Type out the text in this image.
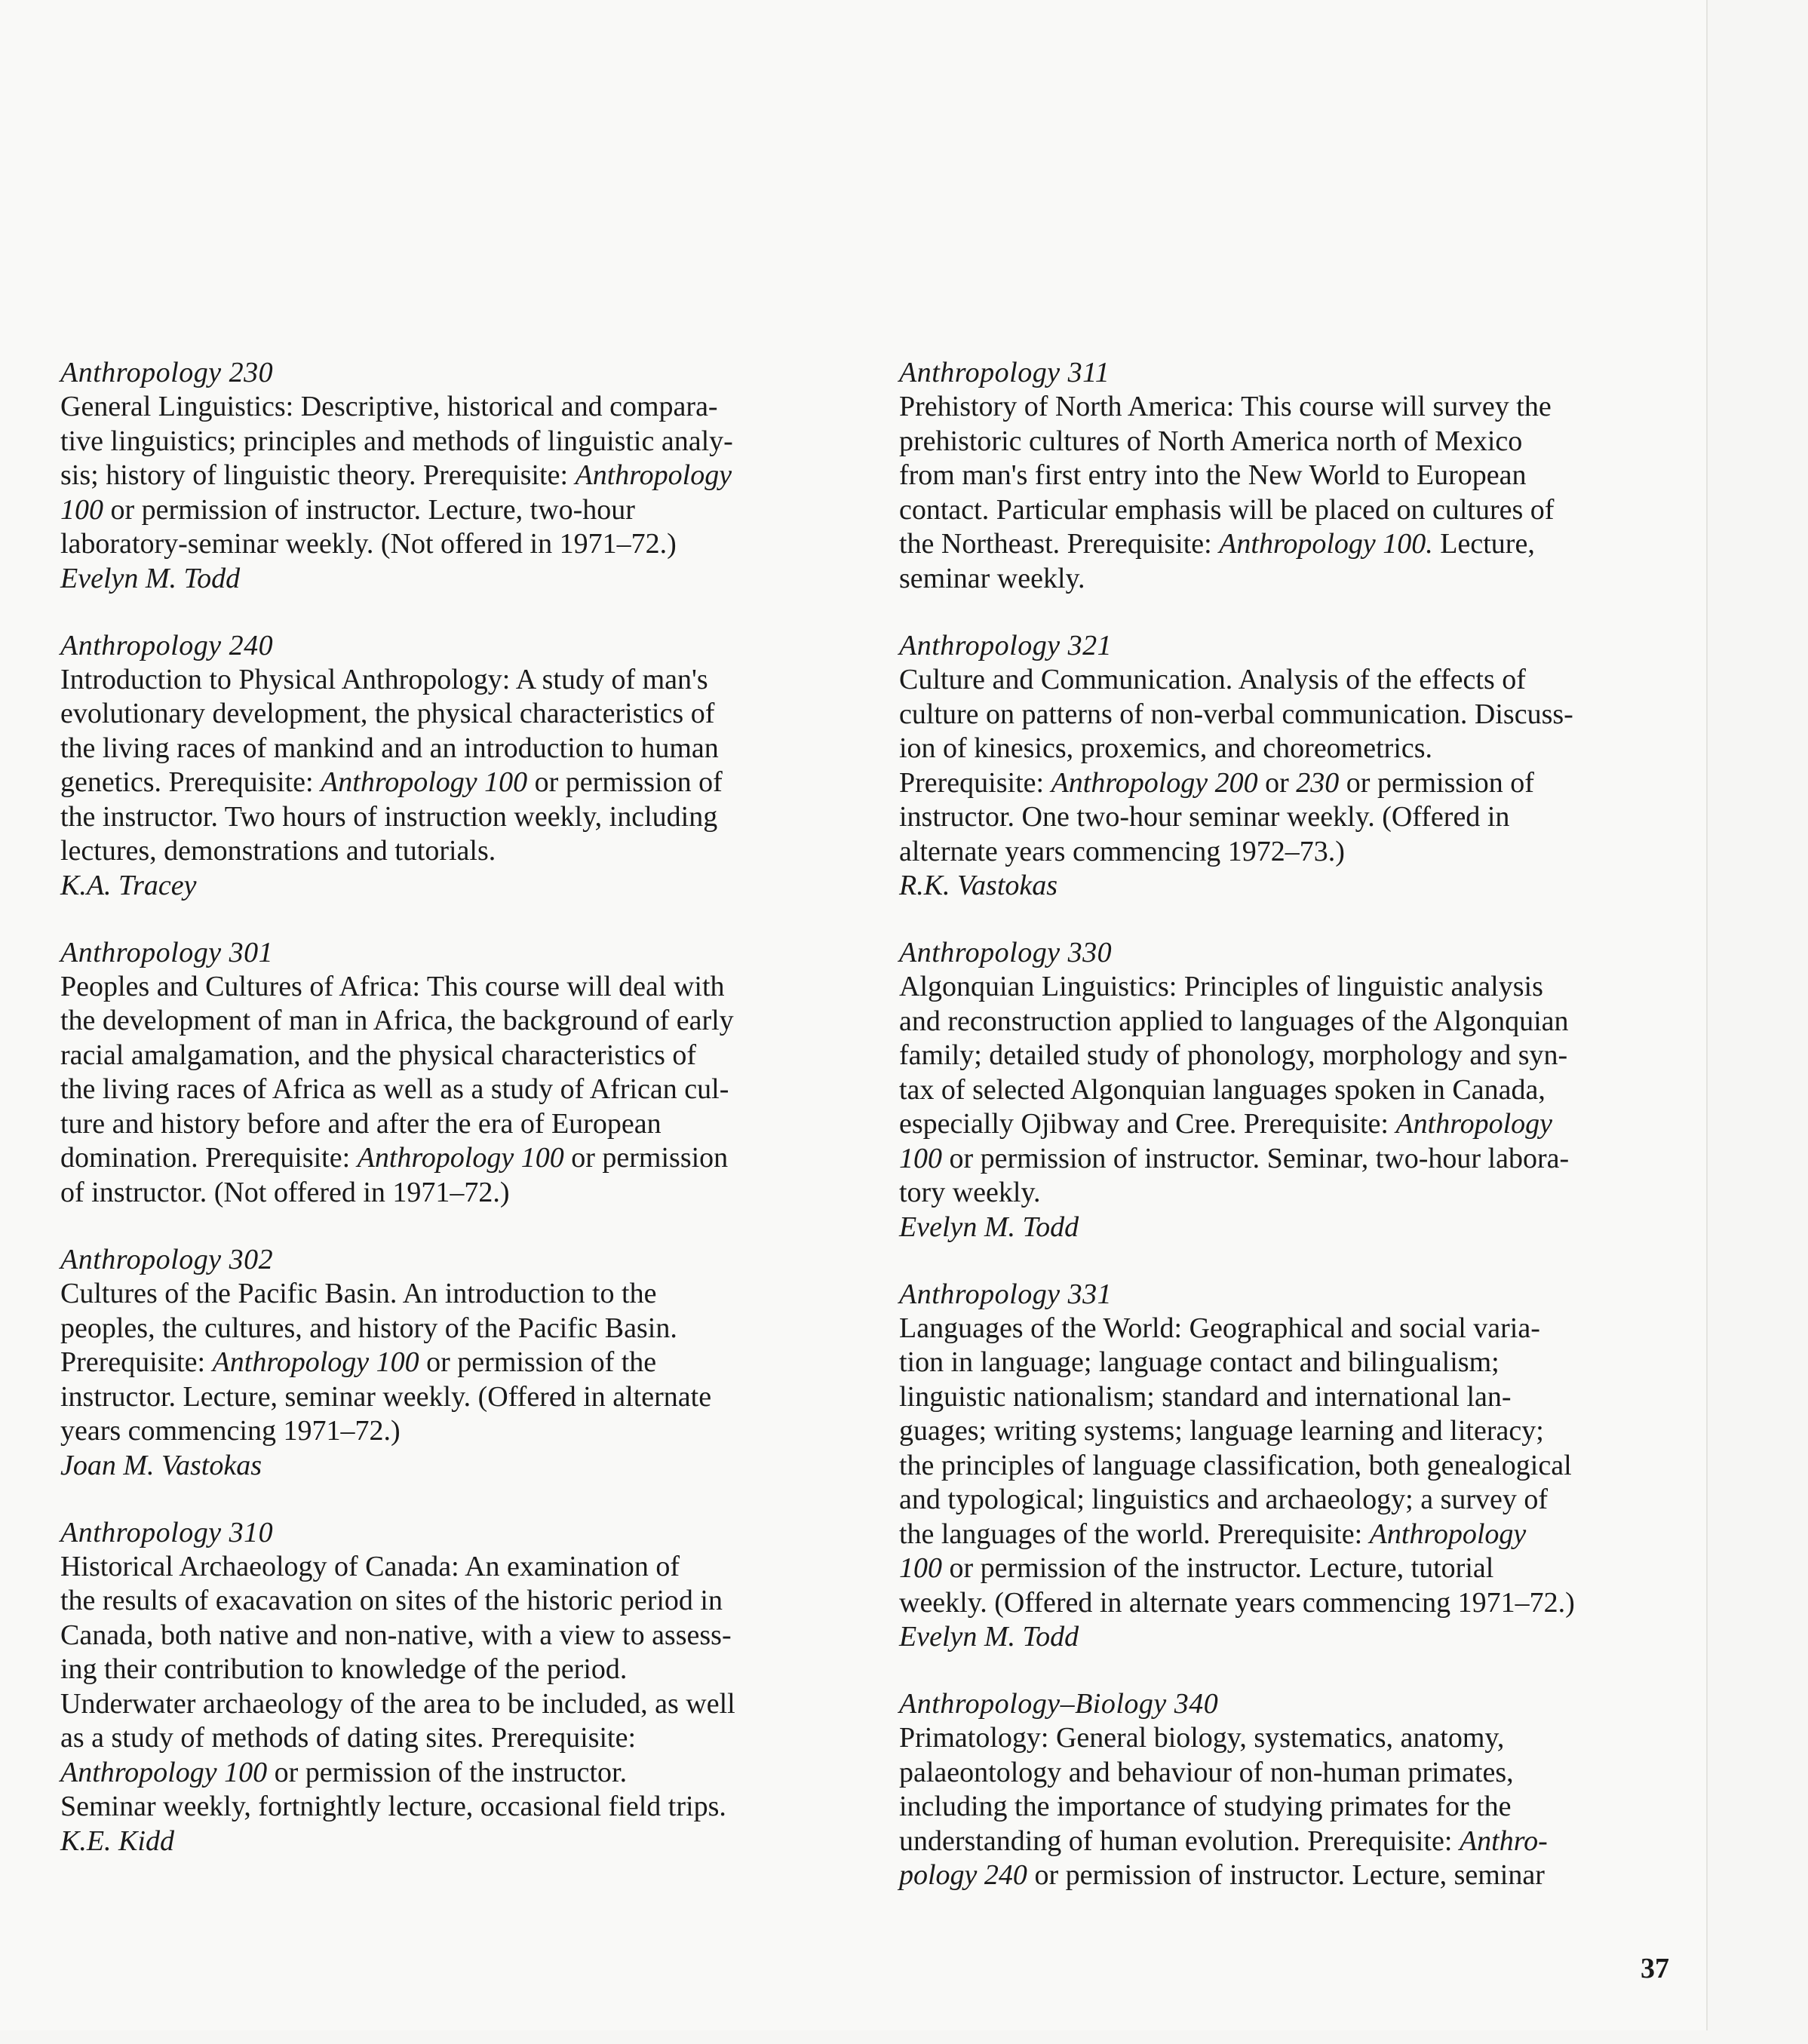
Anthropology 230
General Linguistics: Descriptive, historical and compara-
tive linguistics; principles and methods of linguistic analy-
sis; history of linguistic theory. Prerequisite: Anthropology
100 or permission of instructor. Lecture, two-hour
laboratory-seminar weekly. (Not offered in 1971–72.)
Evelyn M. Todd
Anthropology 240
Introduction to Physical Anthropology: A study of man's
evolutionary development, the physical characteristics of
the living races of mankind and an introduction to human
genetics. Prerequisite: Anthropology 100 or permission of
the instructor. Two hours of instruction weekly, including
lectures, demonstrations and tutorials.
K.A. Tracey
Anthropology 301
Peoples and Cultures of Africa: This course will deal with
the development of man in Africa, the background of early
racial amalgamation, and the physical characteristics of
the living races of Africa as well as a study of African cul-
ture and history before and after the era of European
domination. Prerequisite: Anthropology 100 or permission
of instructor. (Not offered in 1971–72.)
Anthropology 302
Cultures of the Pacific Basin. An introduction to the
peoples, the cultures, and history of the Pacific Basin.
Prerequisite: Anthropology 100 or permission of the
instructor. Lecture, seminar weekly. (Offered in alternate
years commencing 1971–72.)
Joan M. Vastokas
Anthropology 310
Historical Archaeology of Canada: An examination of
the results of exacavation on sites of the historic period in
Canada, both native and non-native, with a view to assess-
ing their contribution to knowledge of the period.
Underwater archaeology of the area to be included, as well
as a study of methods of dating sites. Prerequisite:
Anthropology 100 or permission of the instructor.
Seminar weekly, fortnightly lecture, occasional field trips.
K.E. Kidd
Anthropology 311
Prehistory of North America: This course will survey the
prehistoric cultures of North America north of Mexico
from man's first entry into the New World to European
contact. Particular emphasis will be placed on cultures of
the Northeast. Prerequisite: Anthropology 100. Lecture,
seminar weekly.
Anthropology 321
Culture and Communication. Analysis of the effects of
culture on patterns of non-verbal communication. Discuss-
ion of kinesics, proxemics, and choreometrics.
Prerequisite: Anthropology 200 or 230 or permission of
instructor. One two-hour seminar weekly. (Offered in
alternate years commencing 1972–73.)
R.K. Vastokas
Anthropology 330
Algonquian Linguistics: Principles of linguistic analysis
and reconstruction applied to languages of the Algonquian
family; detailed study of phonology, morphology and syn-
tax of selected Algonquian languages spoken in Canada,
especially Ojibway and Cree. Prerequisite: Anthropology
100 or permission of instructor. Seminar, two-hour labora-
tory weekly.
Evelyn M. Todd
Anthropology 331
Languages of the World: Geographical and social varia-
tion in language; language contact and bilingualism;
linguistic nationalism; standard and international lan-
guages; writing systems; language learning and literacy;
the principles of language classification, both genealogical
and typological; linguistics and archaeology; a survey of
the languages of the world. Prerequisite: Anthropology
100 or permission of the instructor. Lecture, tutorial
weekly. (Offered in alternate years commencing 1971–72.)
Evelyn M. Todd
Anthropology–Biology 340
Primatology: General biology, systematics, anatomy,
palaeontology and behaviour of non-human primates,
including the importance of studying primates for the
understanding of human evolution. Prerequisite: Anthro-
pology 240 or permission of instructor. Lecture, seminar
37
